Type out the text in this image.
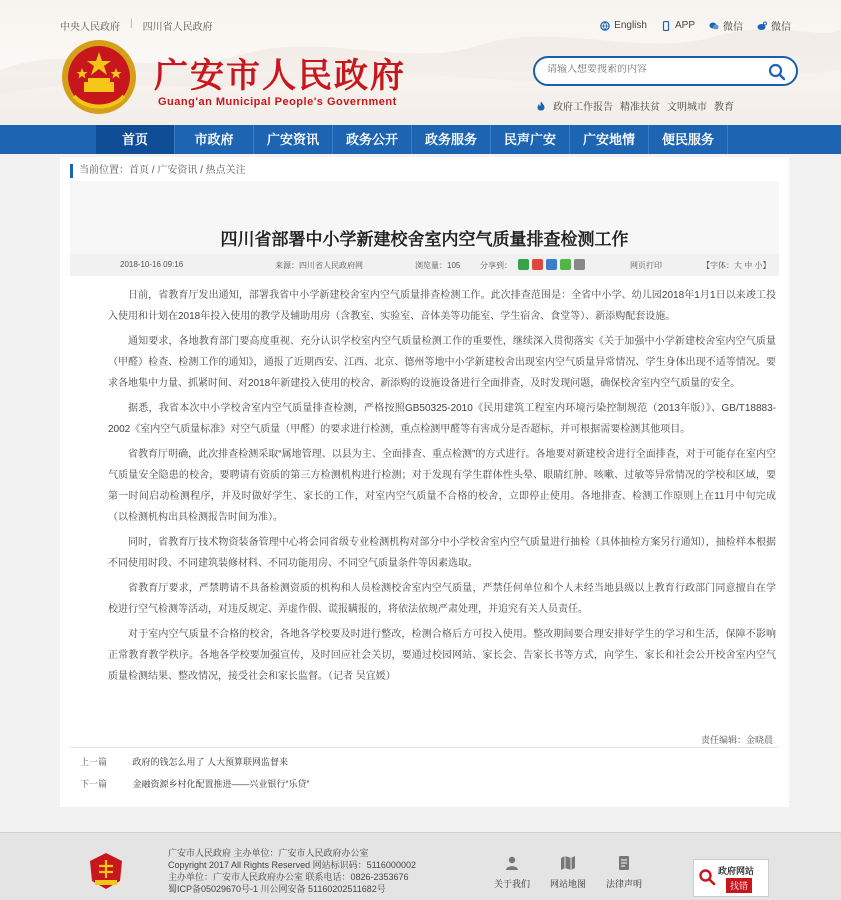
中央人民政府 | 四川省人民政府	English	APP	微信	微信
广安市人民政府
Guang'an Municipal People's Government
请输入想要搜索的内容	政府工作报告 精准扶贫 文明城市 教育
首页	市政府	广安资讯	政务公开	政务服务	民声广安	广安地情	便民服务
当前位置：首页 / 广安资讯 / 热点关注
四川省部署中小学新建校舍室内空气质量排查检测工作
2018-10-16 09:16	来源：四川省人民政府网	浏览量：105 分享到：	网页打印	【字体：大 中 小】

日前，省教育厅发出通知，部署我省中小学新建校舍室内空气质量排查检测工作。此次排查范围是：全省中小学、幼儿园2018年1月1日以来竣工投入使用和计划在2018年投入使用的教学及辅助用房（含教室、实验室、音体美等功能室、学生宿舍、食堂等）、新添购配套设施。

通知要求，各地教育部门要高度重视、充分认识学校室内空气质量检测工作的重要性，继续深入贯彻落实《关于加强中小学新建校舍室内空气质量（甲醛）检查、检测工作的通知》，通报了近期西安、江西、北京、德州等地中小学新建校舍出现室内空气质量异常情况、学生身体出现不适等情况。要求各地集中力量、抓紧时间、对2018年新建投入使用的校舍、新添购的设施设备进行全面排查，及时发现问题，确保校舍室内空气质量的安全。

据悉，我省本次中小学校舍室内空气质量排查检测，严格按照GB50325-2010《民用建筑工程室内环境污染控制规范（2013年版）》、GB/T18883-2002《室内空气质量标准》对空气质量（甲醛）的要求进行检测，重点检测甲醛等有害成分是否超标，并可根据需要检测其他项目。

省教育厅明确，此次排查检测采取“属地管理、以县为主、全面排查、重点检测”的方式进行。各地要对新建校舍进行全面排查，对于可能存在室内空气质量安全隐患的校舍，要聘请有资质的第三方检测机构进行检测；对于发现有学生群体性头晕、眼睛红肿、咳嗽、过敏等异常情况的学校和区域，要第一时间启动检测程序，并及时做好学生、家长的工作，对室内空气质量不合格的校舍，立即停止使用。各地排查、检测工作原则上在11月中旬完成（以检测机构出具检测报告时间为准）。

同时，省教育厅技术物资装备管理中心将会同省级专业检测机构对部分中小学校舍室内空气质量进行抽检（具体抽检方案另行通知），抽检样本根据不同使用时段、不同建筑装修材料、不同功能用房、不同空气质量条件等因素选取。

省教育厅要求，严禁聘请不具备检测资质的机构和人员检测校舍室内空气质量，严禁任何单位和个人未经当地县级以上教育行政部门同意擅自在学校进行空气检测等活动，对违反规定、弄虚作假、谎报瞒报的，将依法依规严肃处理，并追究有关人员责任。

对于室内空气质量不合格的校舍，各地各学校要及时进行整改，检测合格后方可投入使用。整改期间要合理安排好学生的学习和生活，保障不影响正常教育教学秩序。各地各学校要加强宣传，及时回应社会关切，要通过校园网站、家长会、告家长书等方式，向学生、家长和社会公开校舍室内空气质量检测结果、整改情况，接受社会和家长监督。（记者 吴宜媛）

责任编辑：金晓晨
上一篇	政府的钱怎么用了 人大预算联网监督来
下一篇	金融资源乡村化配置推进——兴业银行“乐贷”
广安市人民政府 主办单位：广安市人民政府办公室
Copyright 2017 All Rights Reserved 网站标识码：5116000002
主办单位：广安市人民政府办公室 联系电话：0826-2353676
蜀ICP备05029670号-1 川公网安备 51160202511682号	关于我们 网站地图 法律声明
政府网站
找错
